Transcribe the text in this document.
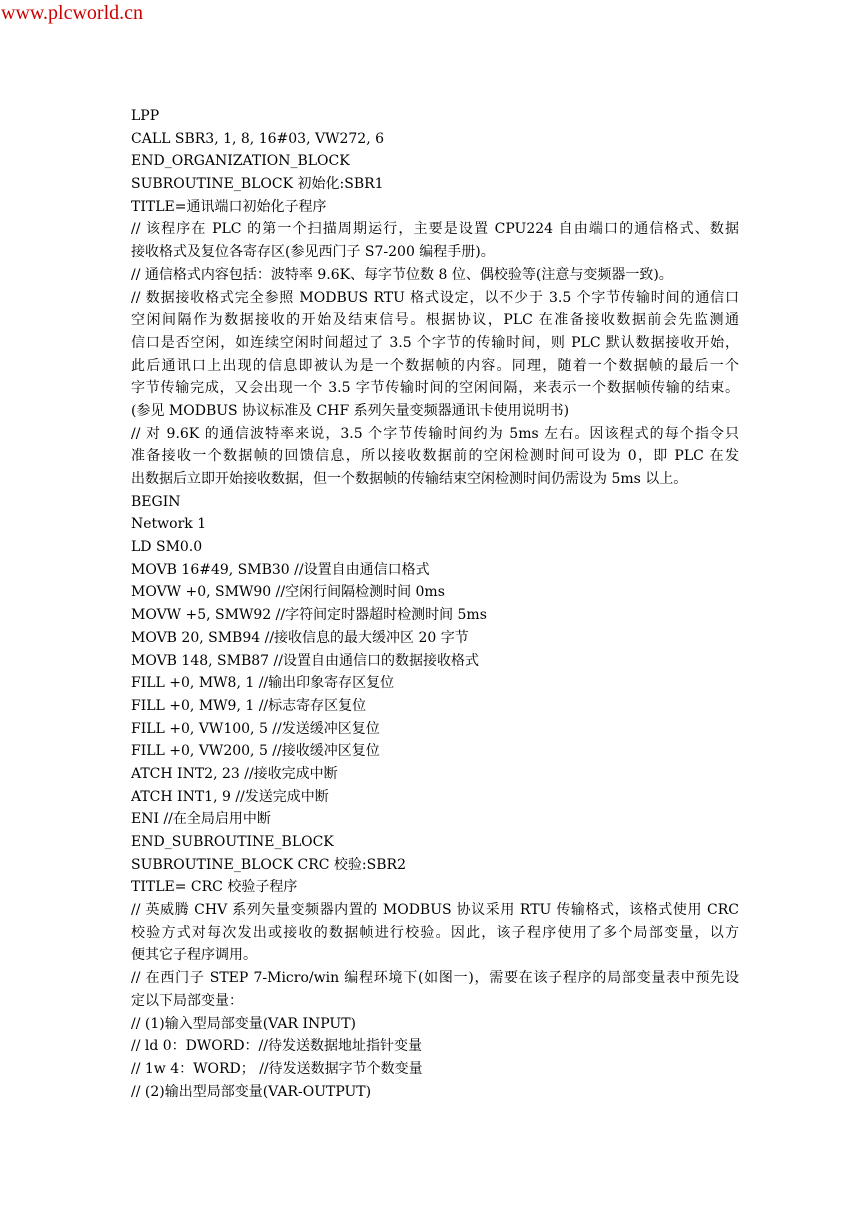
www.plcworld.cn
LPP
CALL SBR3, 1, 8, 16#03, VW272, 6
END_ORGANIZATION_BLOCK
SUBROUTINE_BLOCK 初始化:SBR1
TITLE=通讯端口初始化子程序
// 该程序在 PLC 的第一个扫描周期运行，主要是设置 CPU224 自由端口的通信格式、数据
接收格式及复位各寄存区(参见西门子 S7-200 编程手册)。
// 通信格式内容包括：波特率 9.6K、每字节位数 8 位、偶校验等(注意与变频器一致)。
// 数据接收格式完全参照 MODBUS RTU 格式设定，以不少于 3.5 个字节传输时间的通信口
空闲间隔作为数据接收的开始及结束信号。根据协议，PLC 在准备接收数据前会先监测通
信口是否空闲，如连续空闲时间超过了 3.5 个字节的传输时间，则 PLC 默认数据接收开始，
此后通讯口上出现的信息即被认为是一个数据帧的内容。同理，随着一个数据帧的最后一个
字节传输完成，又会出现一个 3.5 字节传输时间的空闲间隔，来表示一个数据帧传输的结束。
(参见 MODBUS 协议标准及 CHF 系列矢量变频器通讯卡使用说明书)
// 对 9.6K 的通信波特率来说，3.5 个字节传输时间约为 5ms 左右。因该程式的每个指令只
准备接收一个数据帧的回馈信息，所以接收数据前的空闲检测时间可设为 0，即 PLC 在发
出数据后立即开始接收数据，但一个数据帧的传输结束空闲检测时间仍需设为 5ms 以上。
BEGIN
Network 1
LD SM0.0
MOVB 16#49, SMB30 //设置自由通信口格式
MOVW +0, SMW90 //空闲行间隔检测时间 0ms
MOVW +5, SMW92 //字符间定时器超时检测时间 5ms
MOVB 20, SMB94 //接收信息的最大缓冲区 20 字节
MOVB 148, SMB87 //设置自由通信口的数据接收格式
FILL +0, MW8, 1 //输出印象寄存区复位
FILL +0, MW9, 1 //标志寄存区复位
FILL +0, VW100, 5 //发送缓冲区复位
FILL +0, VW200, 5 //接收缓冲区复位
ATCH INT2, 23 //接收完成中断
ATCH INT1, 9 //发送完成中断
ENI //在全局启用中断
END_SUBROUTINE_BLOCK
SUBROUTINE_BLOCK CRC 校验:SBR2
TITLE= CRC 校验子程序
// 英威腾 CHV 系列矢量变频器内置的 MODBUS 协议采用 RTU 传输格式，该格式使用 CRC
校验方式对每次发出或接收的数据帧进行校验。因此，该子程序使用了多个局部变量，以方
便其它子程序调用。
// 在西门子 STEP 7-Micro/win 编程环境下(如图一)，需要在该子程序的局部变量表中预先设
定以下局部变量：
// (1)输入型局部变量(VAR INPUT)
// ld 0：DWORD：//待发送数据地址指针变量
// 1w 4：WORD； //待发送数据字节个数变量
// (2)输出型局部变量(VAR-OUTPUT)
